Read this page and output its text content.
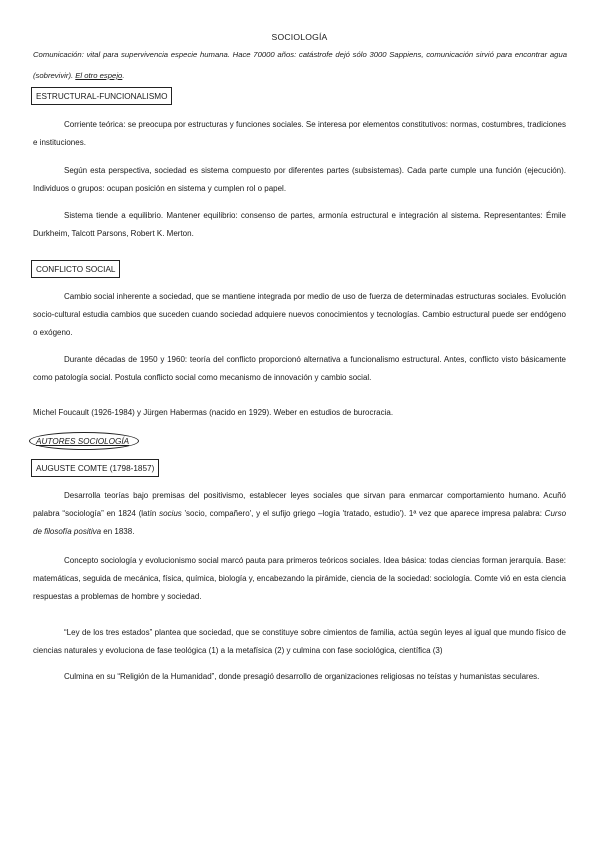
SOCIOLOGÍA
Comunicación: vital para supervivencia especie humana. Hace 70000 años: catástrofe dejó sólo 3000 Sappiens, comunicación sirvió para encontrar agua (sobrevivir). El otro espejo.
ESTRUCTURAL-FUNCIONALISMO
Corriente teórica: se preocupa por estructuras y funciones sociales. Se interesa por elementos constitutivos: normas, costumbres, tradiciones e instituciones.
Según esta perspectiva, sociedad es sistema compuesto por diferentes partes (subsistemas). Cada parte cumple una función (ejecución). Individuos o grupos: ocupan posición en sistema y cumplen rol o papel.
Sistema tiende a equilibrio. Mantener equilibrio: consenso de partes, armonía estructural e integración al sistema. Representantes: Émile Durkheim, Talcott Parsons, Robert K. Merton.
CONFLICTO SOCIAL
Cambio social inherente a sociedad, que se mantiene integrada por medio de uso de fuerza de determinadas estructuras sociales. Evolución socio-cultural estudia cambios que suceden cuando sociedad adquiere nuevos conocimientos y tecnologías. Cambio estructural puede ser endógeno o exógeno.
Durante décadas de 1950 y 1960: teoría del conflicto proporcionó alternativa a funcionalismo estructural. Antes, conflicto visto básicamente como patología social. Postula conflicto social como mecanismo de innovación y cambio social.
Michel Foucault (1926-1984) y Jürgen Habermas (nacido en 1929). Weber en estudios de burocracia.
AUTORES SOCIOLOGÍA
AUGUSTE COMTE (1798-1857)
Desarrolla teorías bajo premisas del positivismo, establecer leyes sociales que sirvan para enmarcar comportamiento humano. Acuñó palabra “sociología” en 1824 (latín socius 'socio, compañero', y el sufijo griego –logía 'tratado, estudio'). 1ª vez que aparece impresa palabra: Curso de filosofía positiva en 1838.
Concepto sociología y evolucionismo social marcó pauta para primeros teóricos sociales. Idea básica: todas ciencias forman jerarquía. Base: matemáticas, seguida de mecánica, física, química, biología y, encabezando la pirámide, ciencia de la sociedad: sociología. Comte vió en esta ciencia respuestas a problemas de hombre y sociedad.
“Ley de los tres estados” plantea que sociedad, que se constituye sobre cimientos de familia, actúa según leyes al igual que mundo físico de ciencias naturales y evoluciona de fase teológica (1) a la metafísica (2) y culmina con fase sociológica, científica (3)
Culmina en su “Religión de la Humanidad”, donde presagió desarrollo de organizaciones religiosas no teístas y humanistas seculares.
